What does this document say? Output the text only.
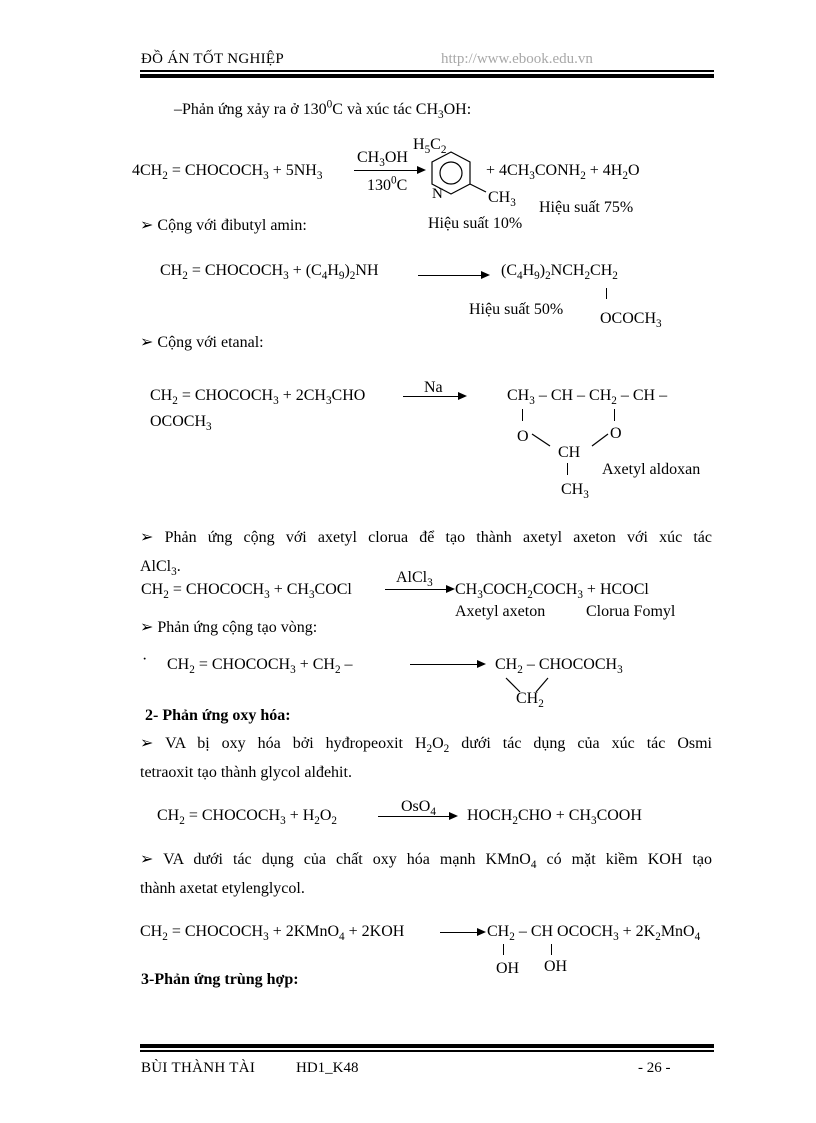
ĐỒ ÁN TỐT NGHIỆP	http://www.ebook.edu.vn
–Phản ứng xảy ra ở $130^0C$ và xúc tác $CH_3OH$:
$H_5C_2$
$4CH_2$ = $CHOCOCH_3 + 5NH_3$
$CH_3OH$
$130^0C$ N	$CH_3$
+ $4CH_3CONH_2 + 4H_2O$
Hiệu suất 75%
Hiệu suất 10%
➢ Cộng với đibutyl amin:
$CH_2$ = $CHOCOCH_3 + (C_4H_9)_2NH$	$(C_4H_9)_2NCH_2CH_2$
Hiệu suất 50%
$OCOCH_3$
➢ Cộng với etanal:
$CH_2$ = $CHOCOCH_3 + 2CH_3CHO$
$OCOCH_3$
Na	$CH_3$ – CH – $CH_2$ – CH –
O	O
CH
Axetyl aldoxan
$CH_3$
➢ Phản ứng cộng với axetyl clorua để tạo thành axetyl axeton với xúc tác
AlCl$_3$.
$CH_2$ = $CHOCOCH_3$ + $CH_3COCl$
AlCl$_3$ $CH_3COCH_2COCH_3$ + HCOCl
Axetyl axeton	Clorua Fomyl
➢ Phản ứng cộng tạo vòng:
· $CH_2$ = $CHOCOCH_3 + CH_2$ –	$CH_2$ – $CHOCOCH_3$
$CH_2$
2- Phản ứng oxy hóa:
➢ VA bị oxy hóa bởi hyđropeoxit $H_2O_2$ dưới tác dụng của xúc tác Osmi
tetraoxit tạo thành glycol alđehit.
$CH_2$ = $CHOCOCH_3 + H_2O_2$
OsO$_4$ $HOCH_2CHO$ + $CH_3COOH$
➢ VA dưới tác dụng của chất oxy hóa mạnh KMnO$_4$ có mặt kiềm KOH tạo
thành axetat etylenglycol.
$CH_2$ = $CHOCOCH_3$ + 2KMnO$_4$ + 2KOH	$CH_2$ – CH $OCOCH_3 + 2K_2MnO_4$
OH OH
3-Phản ứng trùng hợp:
BÙI THÀNH TÀI	HD1_K48	- 26 -
